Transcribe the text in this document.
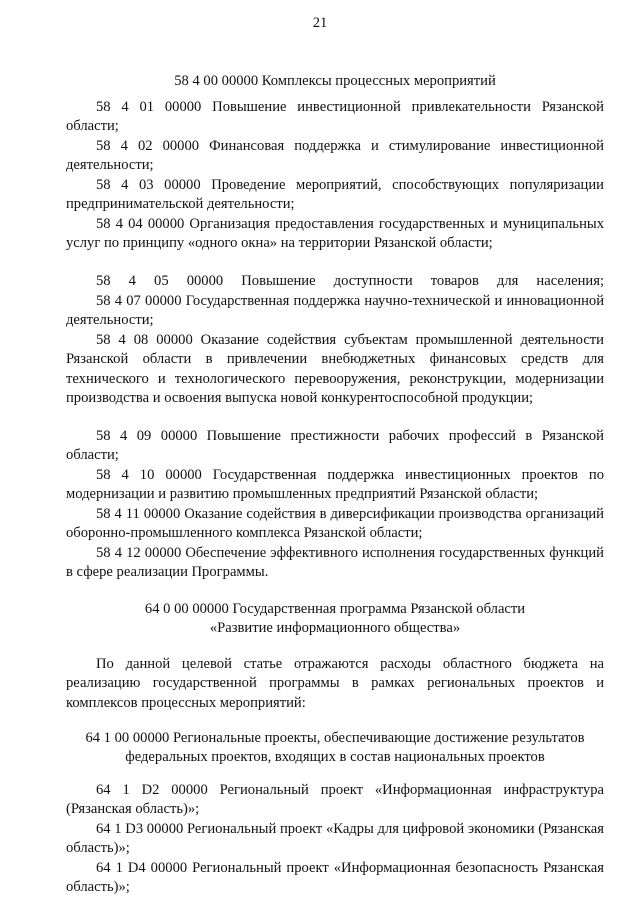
21

58 4 00 00000 Комплексы процессных мероприятий

58 4 01 00000 Повышение инвестиционной привлекательности Рязанской области;

58 4 02 00000 Финансовая поддержка и стимулирование инвестиционной деятельности;

58 4 03 00000 Проведение мероприятий, способствующих популяризации предпринимательской деятельности;

58 4 04 00000 Организация предоставления государственных и муниципальных услуг по принципу «одного окна» на территории Рязанской области;

58 4 05 00000 Повышение доступности товаров для населения;

58 4 07 00000 Государственная поддержка научно-технической и инновационной деятельности;

58 4 08 00000 Оказание содействия субъектам промышленной деятельности Рязанской области в привлечении внебюджетных финансовых средств для технического и технологического перевооружения, реконструкции, модернизации производства и освоения выпуска новой конкурентоспособной продукции;

58 4 09 00000 Повышение престижности рабочих профессий в Рязанской области;

58 4 10 00000 Государственная поддержка инвестиционных проектов по модернизации и развитию промышленных предприятий Рязанской области;

58 4 11 00000 Оказание содействия в диверсификации производства организаций оборонно-промышленного комплекса Рязанской области;

58 4 12 00000 Обеспечение эффективного исполнения государственных функций в сфере реализации Программы.

64 0 00 00000 Государственная программа Рязанской области
«Развитие информационного общества»

По данной целевой статье отражаются расходы областного бюджета на реализацию государственной программы в рамках региональных проектов и комплексов процессных мероприятий:

64 1 00 00000 Региональные проекты, обеспечивающие достижение результатов
федеральных проектов, входящих в состав национальных проектов

64 1 D2 00000 Региональный проект «Информационная инфраструктура (Рязанская область)»;

64 1 D3 00000 Региональный проект «Кадры для цифровой экономики (Рязанская область)»;

64 1 D4 00000 Региональный проект «Информационная безопасность Рязанская область)»;
